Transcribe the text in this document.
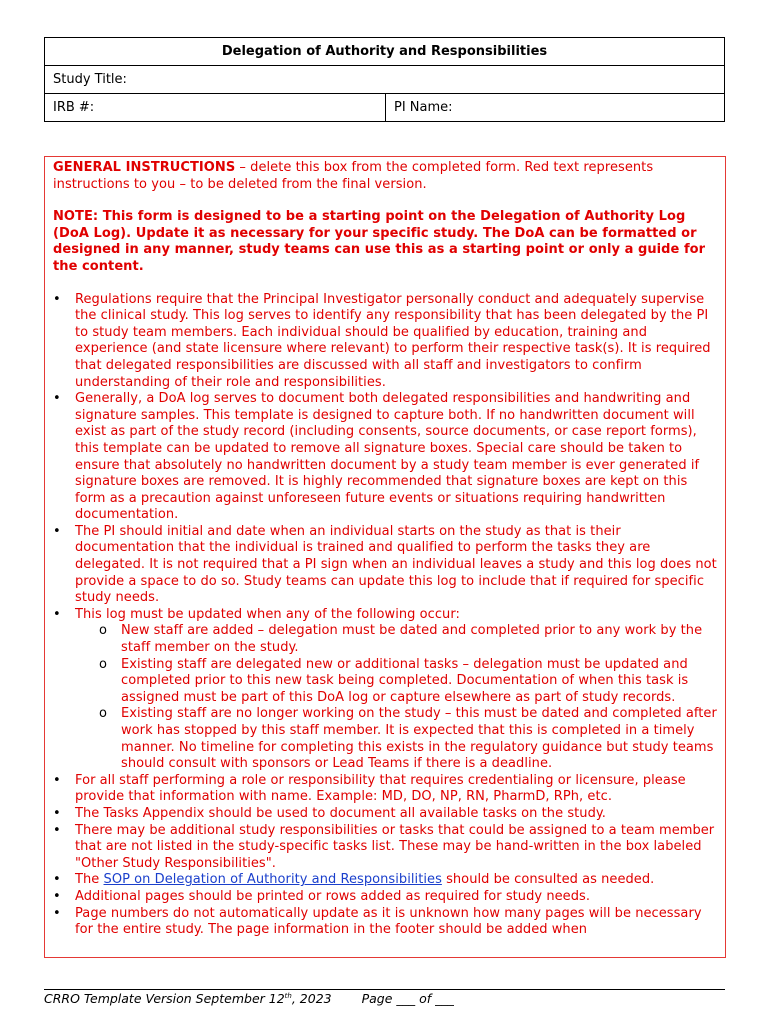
Delegation of Authority and Responsibilities
Study Title:
IRB #:	PI Name:

GENERAL INSTRUCTIONS – delete this box from the completed form. Red text represents instructions to you – to be deleted from the final version.

NOTE: This form is designed to be a starting point on the Delegation of Authority Log (DoA Log). Update it as necessary for your specific study. The DoA can be formatted or designed in any manner, study teams can use this as a starting point or only a guide for the content.

• Regulations require that the Principal Investigator personally conduct and adequately supervise the clinical study. This log serves to identify any responsibility that has been delegated by the PI to study team members. Each individual should be qualified by education, training and experience (and state licensure where relevant) to perform their respective task(s). It is required that delegated responsibilities are discussed with all staff and investigators to confirm understanding of their role and responsibilities.
• Generally, a DoA log serves to document both delegated responsibilities and handwriting and signature samples. This template is designed to capture both. If no handwritten document will exist as part of the study record (including consents, source documents, or case report forms), this template can be updated to remove all signature boxes. Special care should be taken to ensure that absolutely no handwritten document by a study team member is ever generated if signature boxes are removed. It is highly recommended that signature boxes are kept on this form as a precaution against unforeseen future events or situations requiring handwritten documentation.
• The PI should initial and date when an individual starts on the study as that is their documentation that the individual is trained and qualified to perform the tasks they are delegated. It is not required that a PI sign when an individual leaves a study and this log does not provide a space to do so. Study teams can update this log to include that if required for specific study needs.
• This log must be updated when any of the following occur:
o New staff are added – delegation must be dated and completed prior to any work by the staff member on the study.
o Existing staff are delegated new or additional tasks – delegation must be updated and completed prior to this new task being completed. Documentation of when this task is assigned must be part of this DoA log or capture elsewhere as part of study records.
o Existing staff are no longer working on the study – this must be dated and completed after work has stopped by this staff member. It is expected that this is completed in a timely manner. No timeline for completing this exists in the regulatory guidance but study teams should consult with sponsors or Lead Teams if there is a deadline.
• For all staff performing a role or responsibility that requires credentialing or licensure, please provide that information with name. Example: MD, DO, NP, RN, PharmD, RPh, etc.
• The Tasks Appendix should be used to document all available tasks on the study.
• There may be additional study responsibilities or tasks that could be assigned to a team member that are not listed in the study-specific tasks list. These may be hand-written in the box labeled "Other Study Responsibilities".
• The SOP on Delegation of Authority and Responsibilities should be consulted as needed.
• Additional pages should be printed or rows added as required for study needs.
• Page numbers do not automatically update as it is unknown how many pages will be necessary for the entire study. The page information in the footer should be added when
CRRO Template Version September 12th, 2023 Page ___ of ___
